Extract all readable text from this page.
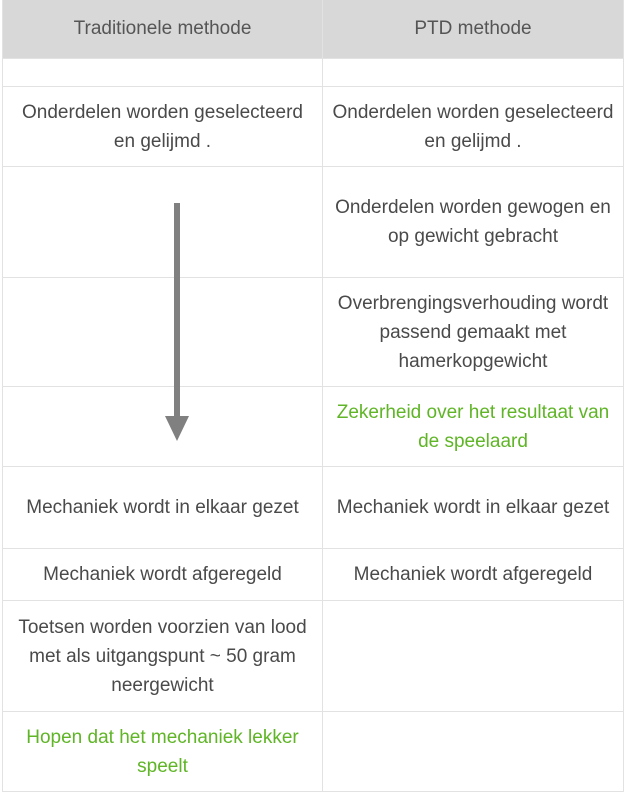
Traditionele methode	PTD methode

Onderdelen worden geselecteerd en gelijmd .	Onderdelen worden geselecteerd en gelijmd .
	Onderdelen worden gewogen en op gewicht gebracht
	Overbrengingsverhouding wordt passend gemaakt met hamerkopgewicht
	Zekerheid over het resultaat van de speelaard
Mechaniek wordt in elkaar gezet	Mechaniek wordt in elkaar gezet
Mechaniek wordt afgeregeld	Mechaniek wordt afgeregeld
Toetsen worden voorzien van lood met als uitgangspunt ~ 50 gram neergewicht	
Hopen dat het mechaniek lekker speelt	
